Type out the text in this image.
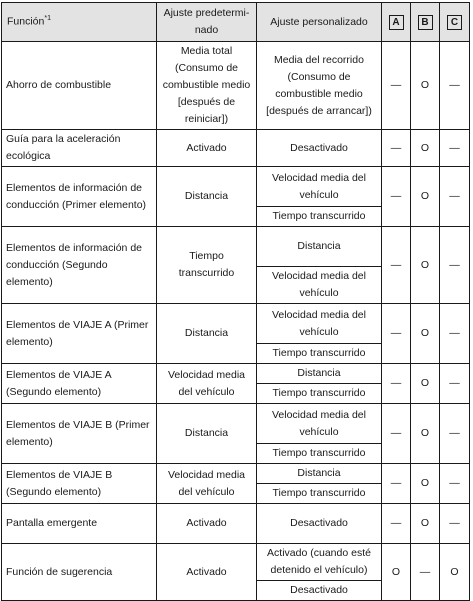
Función$^{*1}$	Ajuste predetermi-nado	Ajuste personalizado	A	B	C
Ahorro de combustible	Media total (Consumo de combustible medio [después de reiniciar])	Media del recorrido (Consumo de combustible medio [después de arrancar])	—	O	—
Guía para la aceleración ecológica	Activado	Desactivado	—	O	—
Elementos de información de conducción (Primer elemento)	Distancia	Velocidad media del vehículo	—	O	—
		Tiempo transcurrido			
Elementos de información de conducción (Segundo elemento)	Tiempo transcurrido	Distancia	—	O	—
		Velocidad media del vehículo			
Elementos de VIAJE A (Primer elemento)	Distancia	Velocidad media del vehículo	—	O	—
		Tiempo transcurrido			
Elementos de VIAJE A (Segundo elemento)	Velocidad media del vehículo	Distancia	—	O	—
		Tiempo transcurrido			
Elementos de VIAJE B (Primer elemento)	Distancia	Velocidad media del vehículo	—	O	—
		Tiempo transcurrido			
Elementos de VIAJE B (Segundo elemento)	Velocidad media del vehículo	Distancia	—	O	—
		Tiempo transcurrido			
Pantalla emergente	Activado	Desactivado	—	O	—
Función de sugerencia	Activado	Activado (cuando esté detenido el vehículo)	O	—	O
		Desactivado			
